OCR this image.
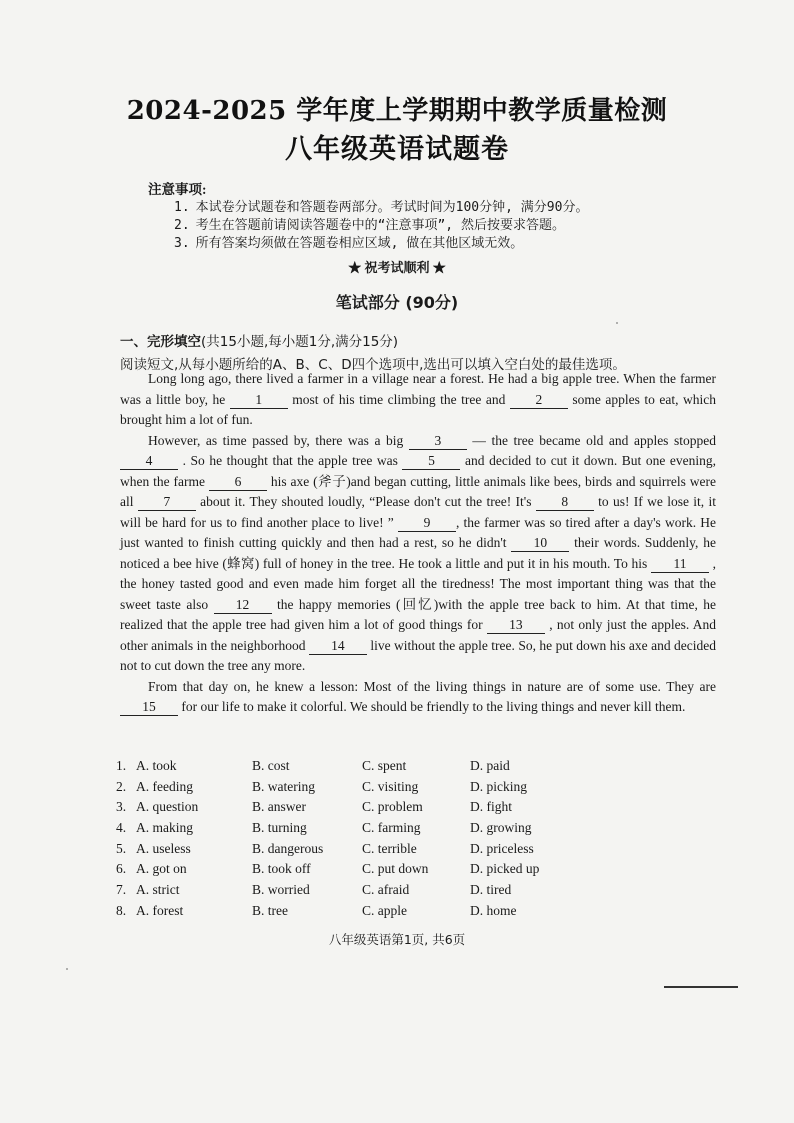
2024-2025 学年度上学期期中教学质量检测
八年级英语试题卷
注意事项:
1. 本试卷分试题卷和答题卷两部分。考试时间为100分钟, 满分90分。
2. 考生在答题前请阅读答题卷中的“注意事项”, 然后按要求答题。
3. 所有答案均须做在答题卷相应区域, 做在其他区域无效。
★ 祝考试顺利 ★
笔试部分 (90分)
一、完形填空(共15小题,每小题1分,满分15分)
阅读短文,从每小题所给的A、B、C、D四个选项中,选出可以填入空白处的最佳选项。

Long long ago, there lived a farmer in a village near a forest. He had a big apple tree. When the farmer was a little boy, he 1 most of his time climbing the tree and 2 some apples to eat, which brought him a lot of fun.

However, as time passed by, there was a big 3 — the tree became old and apples stopped 4 . So he thought that the apple tree was 5 and decided to cut it down. But one evening, when the farme 6 his axe (斧子)and began cutting, little animals like bees, birds and squirrels were all 7 about it. They shouted loudly, “Please don't cut the tree! It's 8 to us! If we lose it, it will be hard for us to find another place to live! ” 9 , the farmer was so tired after a day's work. He just wanted to finish cutting quickly and then had a rest, so he didn't 10 their words. Suddenly, he noticed a bee hive (蜂窝) full of honey in the tree. He took a little and put it in his mouth. To his 11 , the honey tasted good and even made him forget all the tiredness! The most important thing was that the sweet taste also 12 the happy memories (回忆)with the apple tree back to him. At that time, he realized that the apple tree had given him a lot of good things for 13 , not only just the apples. And other animals in the neighborhood 14 live without the apple tree. So, he put down his axe and decided not to cut down the tree any more.

From that day on, he knew a lesson: Most of the living things in nature are of some use. They are 15 for our life to make it colorful. We should be friendly to the living things and never kill them.

1. A. took	B. cost	C. spent	D. paid
2. A. feeding	B. watering	C. visiting	D. picking
3. A. question	B. answer	C. problem	D. fight
4. A. making	B. turning	C. farming	D. growing
5. A. useless	B. dangerous	C. terrible	D. priceless
6. A. got on	B. took off	C. put down	D. picked up
7. A. strict	B. worried	C. afraid	D. tired
8. A. forest	B. tree	C. apple	D. home
八年级英语第1页, 共6页
